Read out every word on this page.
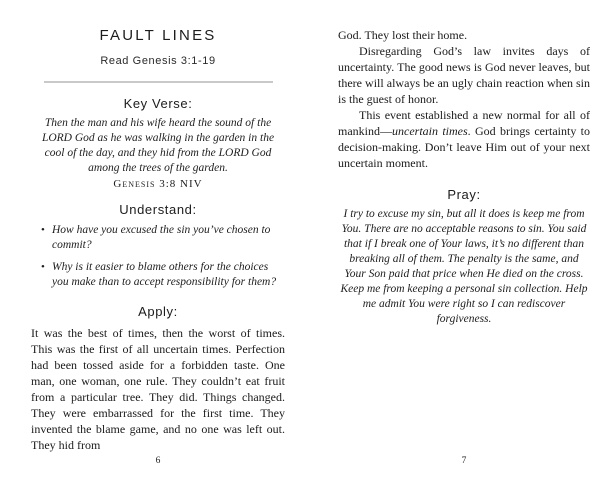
FAULT LINES
Read Genesis 3:1-19
Key Verse:

Then the man and his wife heard the sound of the LORD God as he was walking in the garden in the cool of the day, and they hid from the LORD God among the trees of the garden.

Genesis 3:8 NIV
Understand:
• How have you excused the sin you’ve chosen to commit?
• Why is it easier to blame others for the choices you make than to accept responsibility for them?
Apply:

It was the best of times, then the worst of times. This was the first of all uncertain times. Perfection had been tossed aside for a forbidden taste. One man, one woman, one rule. They couldn’t eat fruit from a particular tree. They did. Things changed. They were embarrassed for the first time. They invented the blame game, and no one was left out. They hid from

6

God. They lost their home.

Disregarding God’s law invites days of uncertainty. The good news is God never leaves, but there will always be an ugly chain reaction when sin is the guest of honor.

This event established a new normal for all of mankind—uncertain times. God brings certainty to decision-making. Don’t leave Him out of your next uncertain moment.

Pray:

I try to excuse my sin, but all it does is keep me from You. There are no acceptable reasons to sin. You said that if I break one of Your laws, it’s no different than breaking all of them. The penalty is the same, and Your Son paid that price when He died on the cross. Keep me from keeping a personal sin collection. Help me admit You were right so I can rediscover forgiveness.

7
